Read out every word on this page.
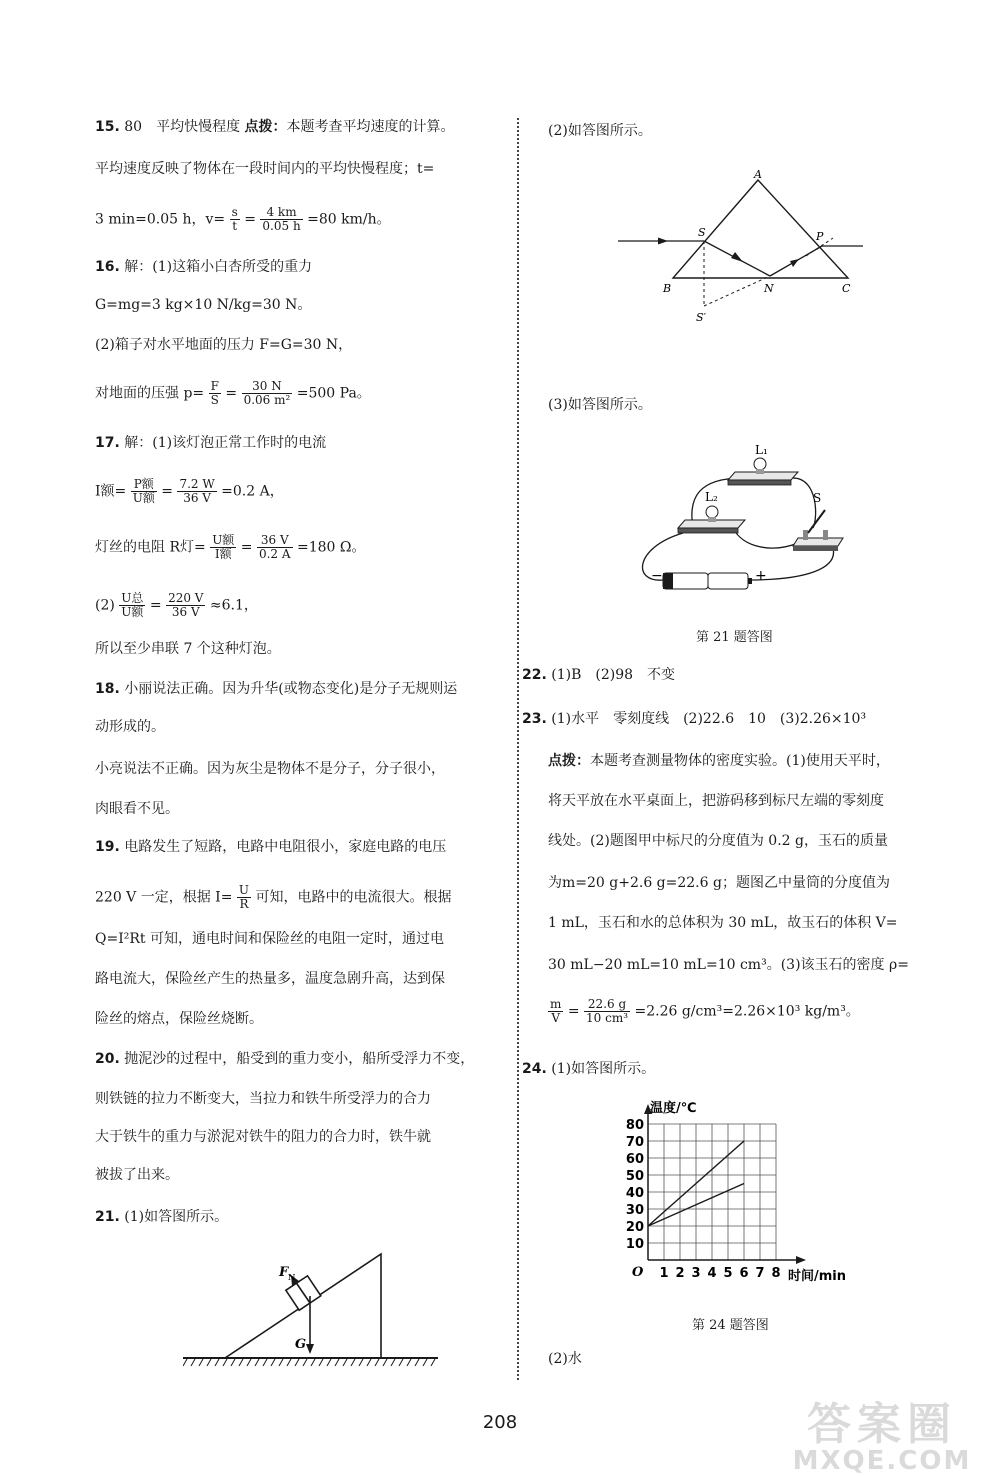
15. 80　平均快慢程度 点拨：本题考查平均速度的计算。
平均速度反映了物体在一段时间内的平均快慢程度；t=
3 min=0.05 h，$v= \frac{s}{t} = \frac{4 km}{0.05 h} =80$ km/h。
16. 解：(1)这箱小白杏所受的重力
G=mg=3 kg×10 N/kg=30 N。
(2)箱子对水平地面的压力 F=G=30 N，
对地面的压强 $p= \frac{F}{S} = \frac{30 N}{\text{0.06 m²}} =500$ Pa。
17. 解：(1)该灯泡正常工作时的电流
I额= $\frac{\text{P额}}{\text{U额}} = \frac{7.2 W}{36 V} =0.2$ A，
灯丝的电阻 R灯= $\frac{\text{U额}}{\text{I额}} = \frac{36 V}{0.2 A} =180$ Ω。
$(2) \frac{\text{U总}}{\text{U额}} = \frac{220 V}{36 V} \approx 6.1$，
所以至少串联 7 个这种灯泡。
18. 小丽说法正确。因为升华(或物态变化)是分子无规则运
动形成的。
小亮说法不正确。因为灰尘是物体不是分子，分子很小，
肉眼看不见。
19. 电路发生了短路，电路中电阻很小，家庭电路的电压
220 V 一定，根据 $I= \frac{U}{R}$ 可知，电路中的电流很大。根据
Q=I²Rt 可知，通电时间和保险丝的电阻一定时，通过电
路电流大，保险丝产生的热量多，温度急剧升高，达到保
险丝的熔点，保险丝烧断。
20. 抛泥沙的过程中，船受到的重力变小，船所受浮力不变，
则铁链的拉力不断变大，当拉力和铁牛所受浮力的合力
大于铁牛的重力与淤泥对铁牛的阻力的合力时，铁牛就
被拔了出来。
21. (1)如答图所示。
F N
G
(2)如答图所示。
A
B	C
S
S′
N
P
(3)如答图所示。
L₁
L₂	S
−	+
第 21 题答图
22. (1)B　(2)98　不变
23. (1)水平　零刻度线　(2)22.6　10　(3)2.26×10³
点拨：本题考查测量物体的密度实验。(1)使用天平时，
将天平放在水平桌面上，把游码移到标尺左端的零刻度
线处。(2)题图甲中标尺的分度值为 0.2 g，玉石的质量
为m=20 g+2.6 g=22.6 g；题图乙中量筒的分度值为
1 mL，玉石和水的总体积为 30 mL，故玉石的体积 V=
30 mL−20 mL=10 mL=10 cm³。(3)该玉石的密度 ρ=
$\frac{m}{V} = \frac{22.6 g}{\text{10 cm³}} =2.26$ g/cm³=2.26×10³ kg/m³。
24. (1)如答图所示。
1 2 3 4 5 6 7 8
10
20
30
40
50
60
70
80
温度/℃
时间/min
O
第 24 题答图
(2)水
208	答案圈
MXQE.COM
